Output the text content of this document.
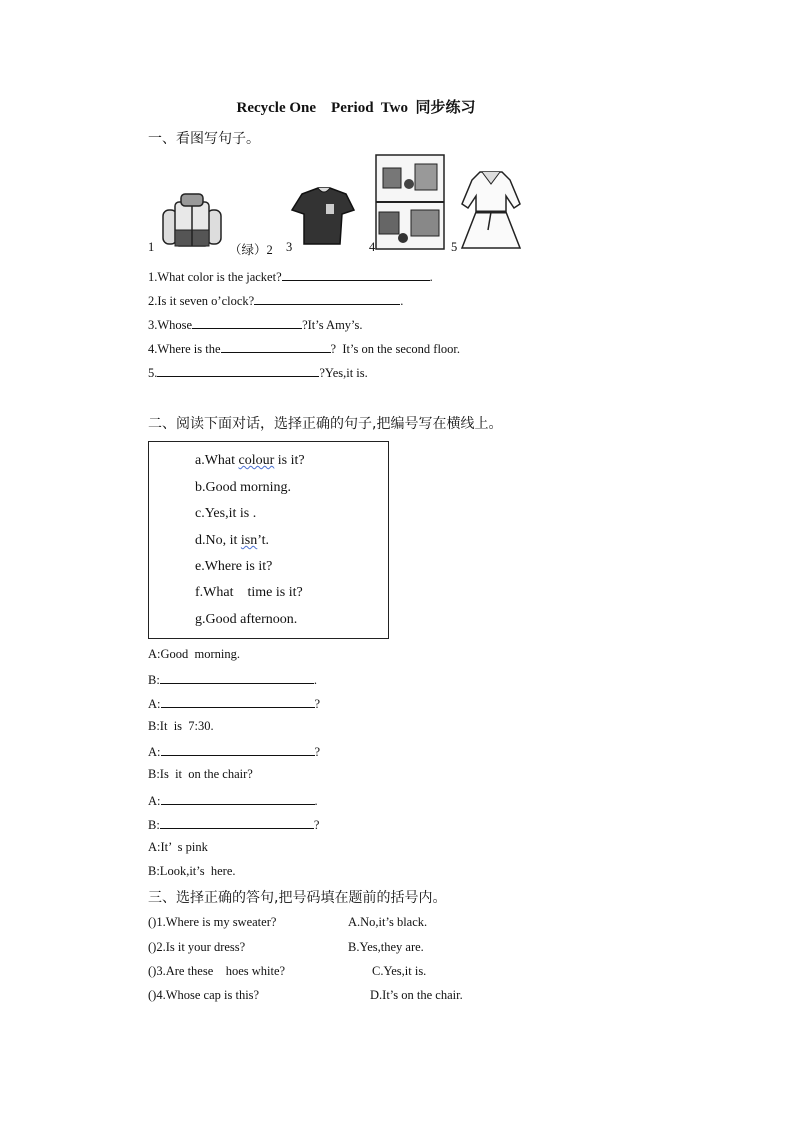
Recycle One    Period  Two  同步练习
一、看图写句子。
1	（绿）2 3	4	5
1.What color is the jacket?	.
2.Is it seven o’clock?	.
3.Whose	?It’s Amy’s.
4.Where is the	?  It’s on the second floor.
5.	?Yes,it is.
二、阅读下面对话，选择正确的句子,把编号写在横线上。
a.What colour is it?
b.Good morning.
c.Yes,it is .
d.No, it isn’t.
e.Where is it?
f.What    time is it?
g.Good afternoon.
A:Good  morning.
B:	.
A:	?
B:It  is  7:30.
A:	?
B:Is  it  on the chair?
A:	.
B:	?
A:It’  s pink
B:Look,it’s  here.
三、选择正确的答句,把号码填在题前的括号内。
()1.Where is my sweater?	A.No,it’s black.
()2.Is it your dress?	B.Yes,they are.
()3.Are these    hoes white?	C.Yes,it is.
()4.Whose cap is this?	D.It’s on the chair.
